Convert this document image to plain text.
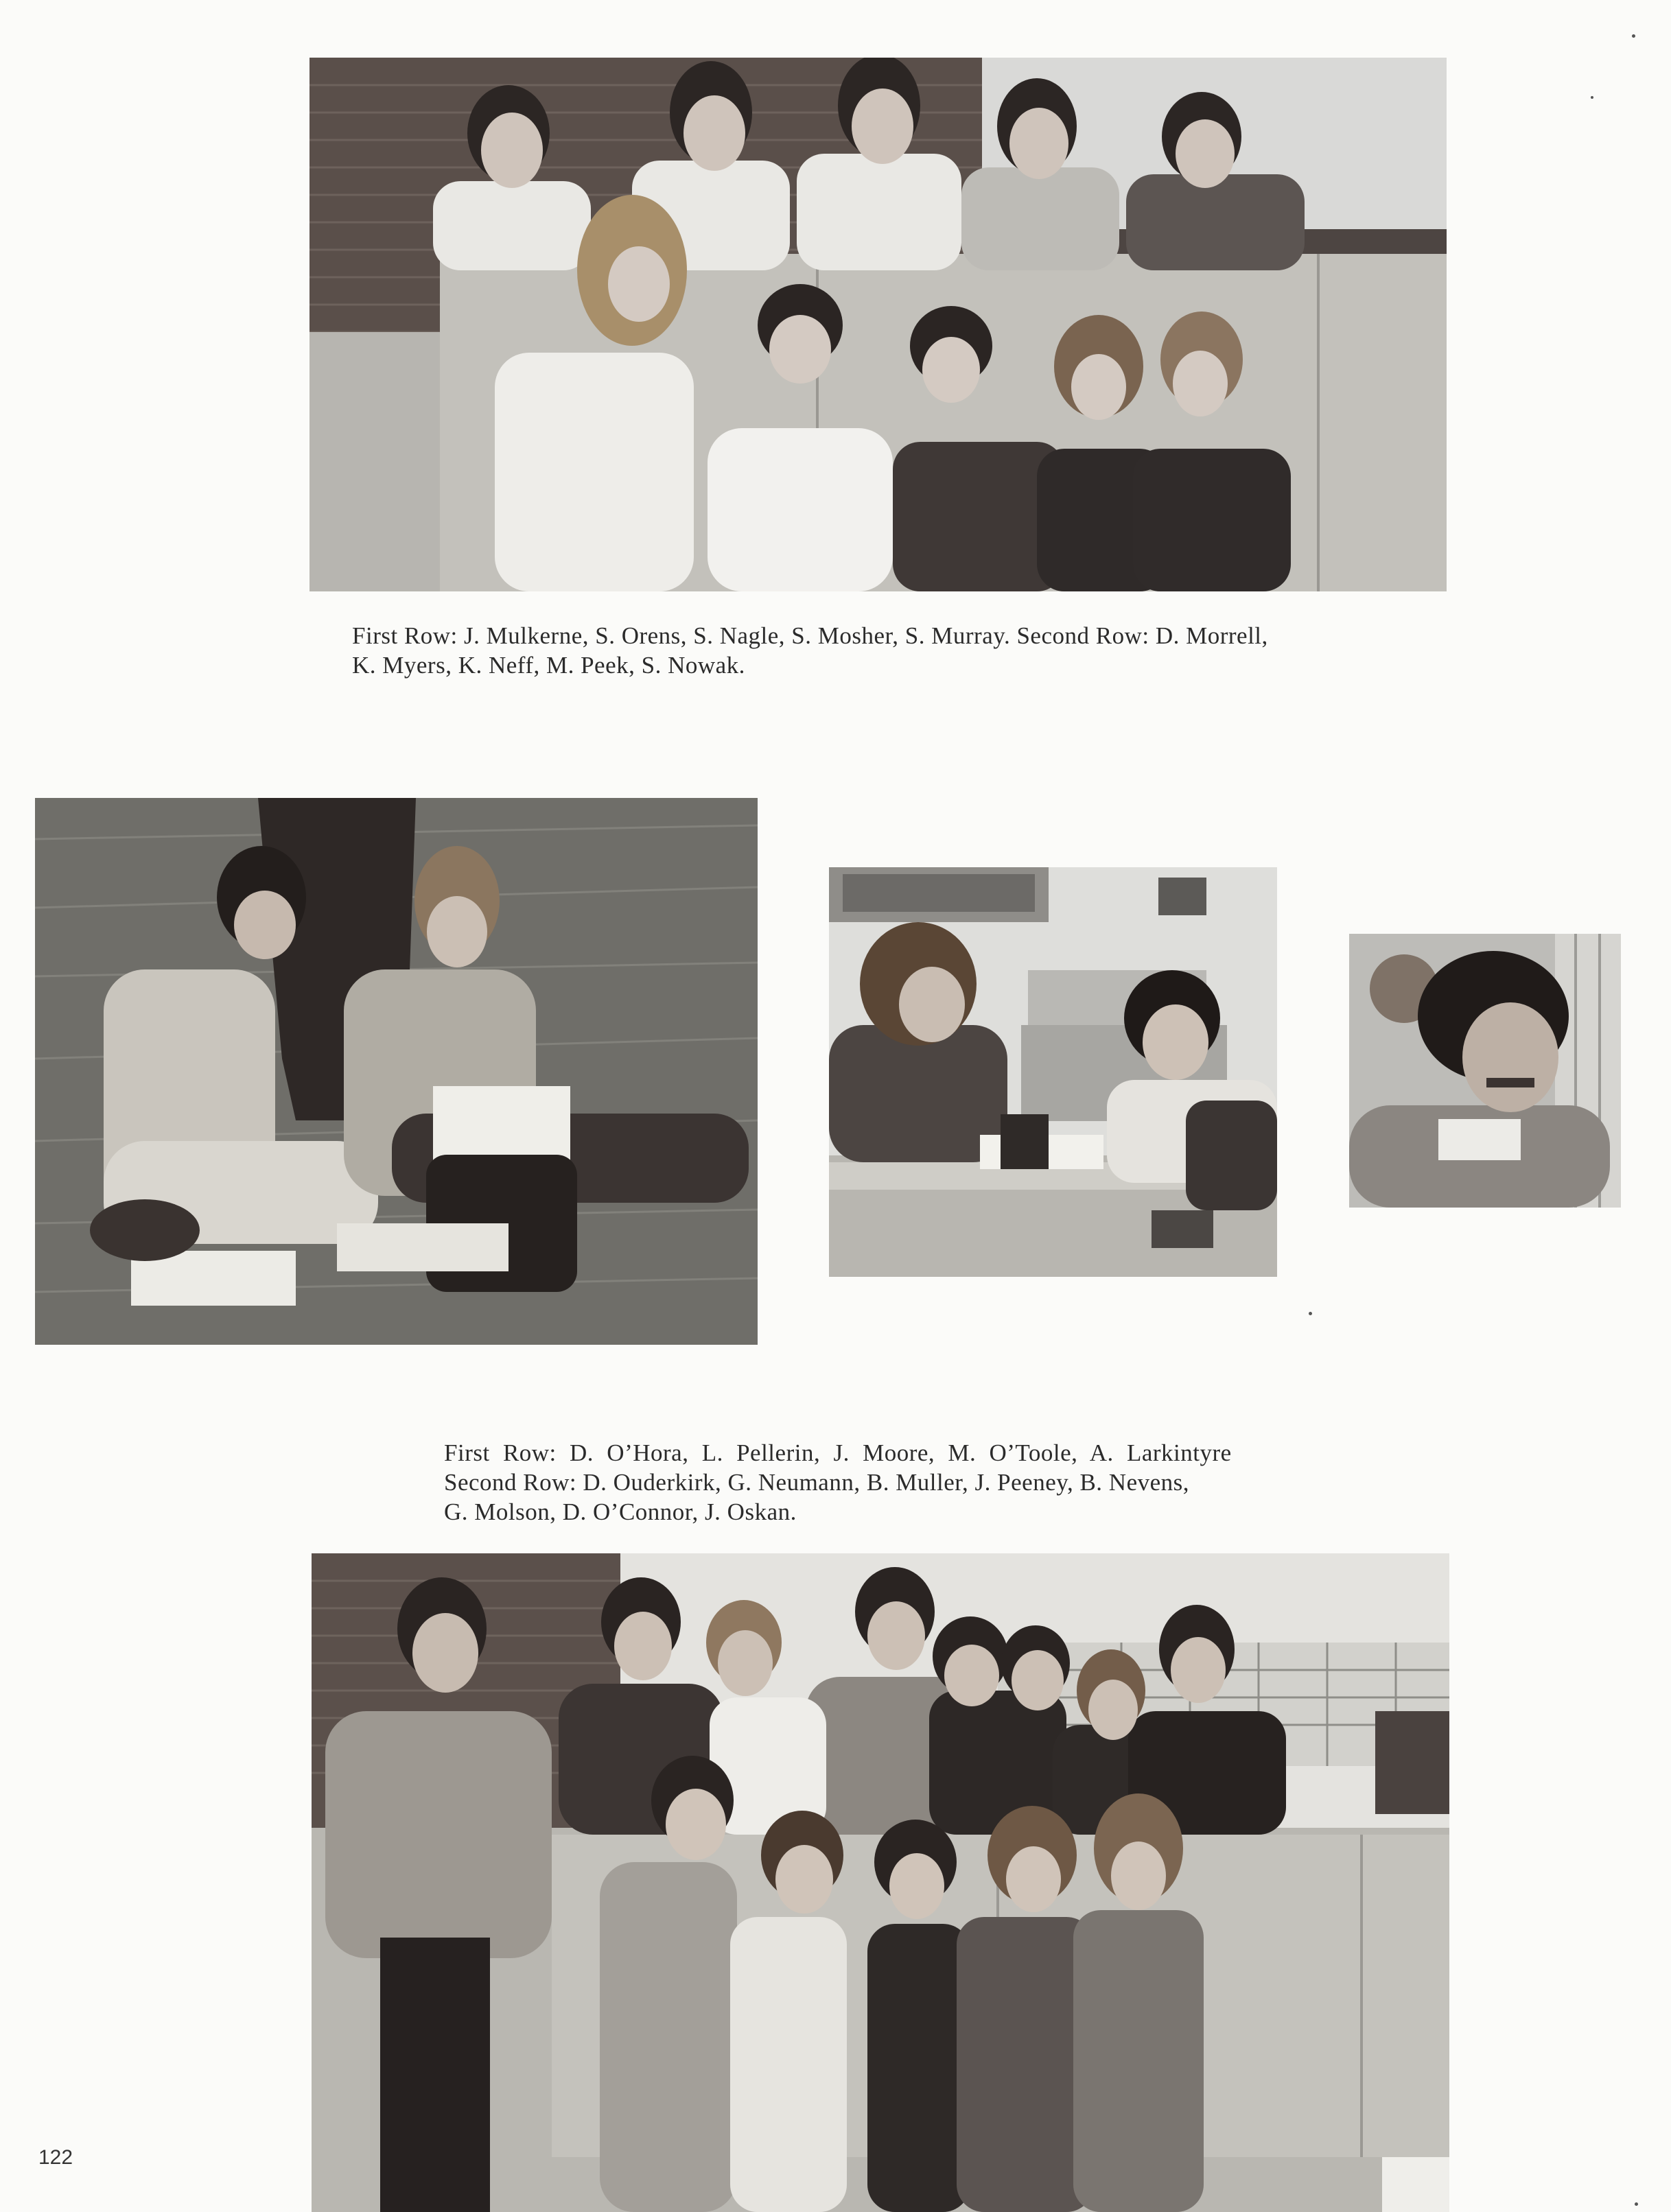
First Row: J. Mulkerne, S. Orens, S. Nagle, S. Mosher, S. Murray. Second Row: D. Morrell,
K. Myers, K. Neff, M. Peek, S. Nowak.
First Row: D. O’Hora, L. Pellerin, J. Moore, M. O’Toole, A. Larkintyre
Second Row: D. Ouderkirk, G. Neumann, B. Muller, J. Peeney, B. Nevens,
G. Molson, D. O’Connor, J. Oskan.
122
